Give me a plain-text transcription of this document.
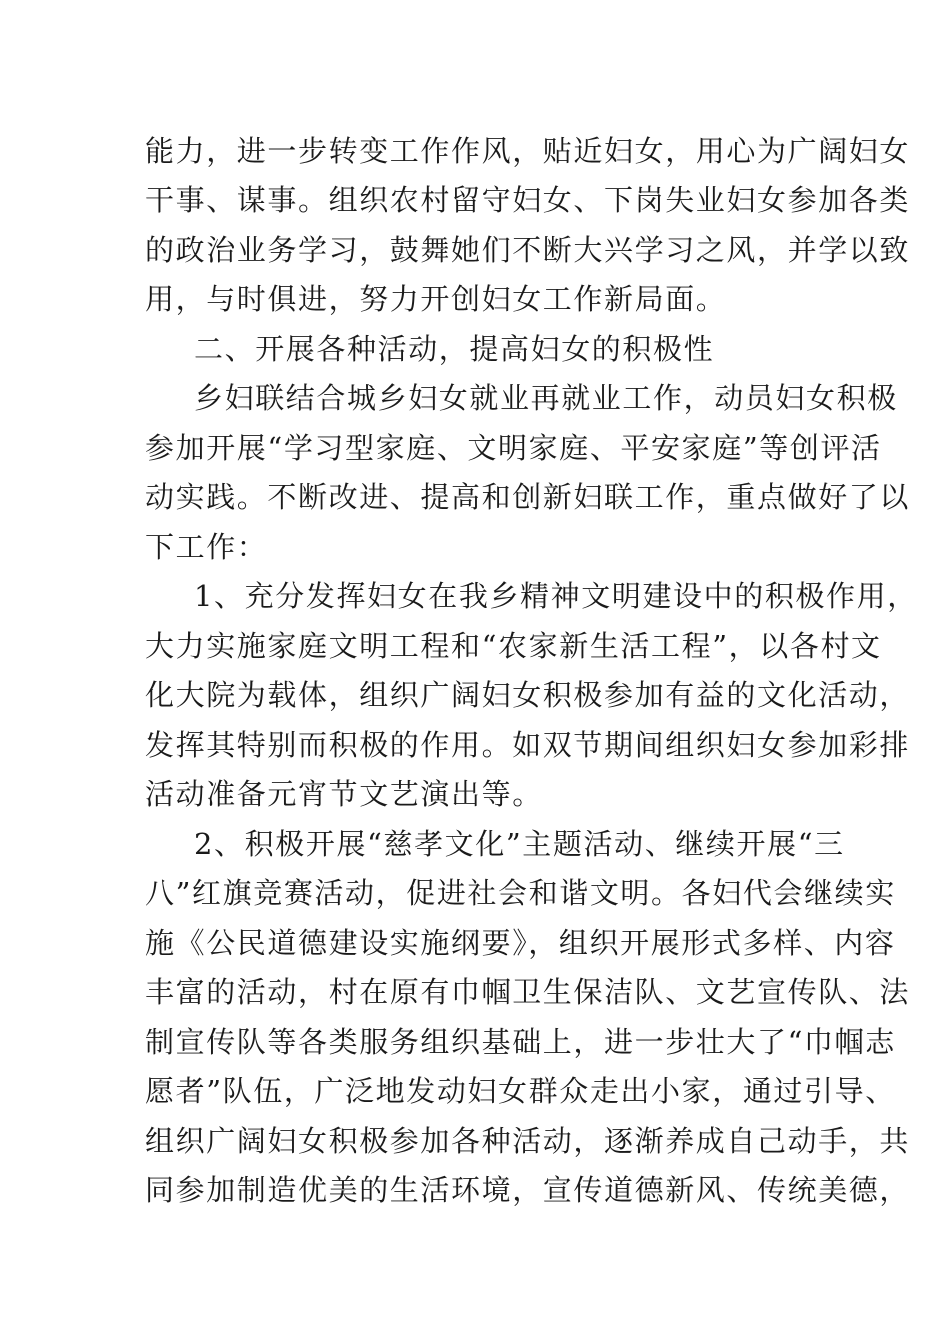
能力，进一步转变工作作风，贴近妇女，用心为广阔妇女
干事、谋事。组织农村留守妇女、下岗失业妇女参加各类
的政治业务学习，鼓舞她们不断大兴学习之风，并学以致
用，与时俱进，努力开创妇女工作新局面。
二、开展各种活动，提高妇女的积极性
乡妇联结合城乡妇女就业再就业工作，动员妇女积极
参加开展“学习型家庭、文明家庭、平安家庭”等创评活
动实践。不断改进、提高和创新妇联工作，重点做好了以
下工作：
1、充分发挥妇女在我乡精神文明建设中的积极作用，
大力实施家庭文明工程和“农家新生活工程”，以各村文
化大院为载体，组织广阔妇女积极参加有益的文化活动，
发挥其特别而积极的作用。如双节期间组织妇女参加彩排
活动准备元宵节文艺演出等。
2、积极开展“慈孝文化”主题活动、继续开展“三
八”红旗竞赛活动，促进社会和谐文明。各妇代会继续实
施《公民道德建设实施纲要》，组织开展形式多样、内容
丰富的活动，村在原有巾帼卫生保洁队、文艺宣传队、法
制宣传队等各类服务组织基础上，进一步壮大了“巾帼志
愿者”队伍，广泛地发动妇女群众走出小家，通过引导、
组织广阔妇女积极参加各种活动，逐渐养成自己动手，共
同参加制造优美的生活环境，宣传道德新风、传统美德，
